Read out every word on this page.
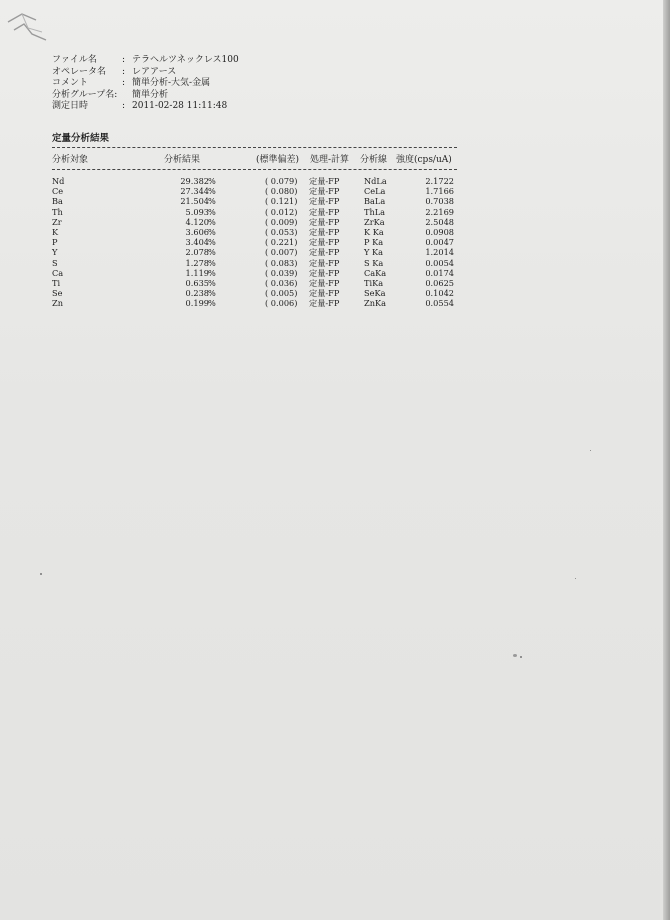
ファイル名	: テラヘルツネックレス100
オペレータ名	: レアアース
コメント	: 簡単分析-大気-金属
分析グループ名:	簡単分析
測定日時	: 2011-02-28 11:11:48
定量分析結果
分析対象	分析結果	(標準偏差) 処理-計算 分析線 強度(cps/uA)
Nd	29.382 %	( 0.079) 定量-FP	NdLa	2.1722
Ce	27.344 %	( 0.080) 定量-FP	CeLa	1.7166
Ba	21.504 %	( 0.121) 定量-FP	BaLa	0.7038
Th	5.093 %	( 0.012) 定量-FP	ThLa	2.2169
Zr	4.120 %	( 0.009) 定量-FP	ZrKa	2.5048
K	3.606 %	( 0.053) 定量-FP	K Ka	0.0908
P	3.404 %	( 0.221) 定量-FP	P Ka	0.0047
Y	2.078 %	( 0.007) 定量-FP	Y Ka	1.2014
S	1.278 %	( 0.083) 定量-FP	S Ka	0.0054
Ca	1.119 %	( 0.039) 定量-FP	CaKa	0.0174
Ti	0.635 %	( 0.036) 定量-FP	TiKa	0.0625
Se	0.238 %	( 0.005) 定量-FP	SeKa	0.1042
Zn	0.199 %	( 0.006) 定量-FP	ZnKa	0.0554
